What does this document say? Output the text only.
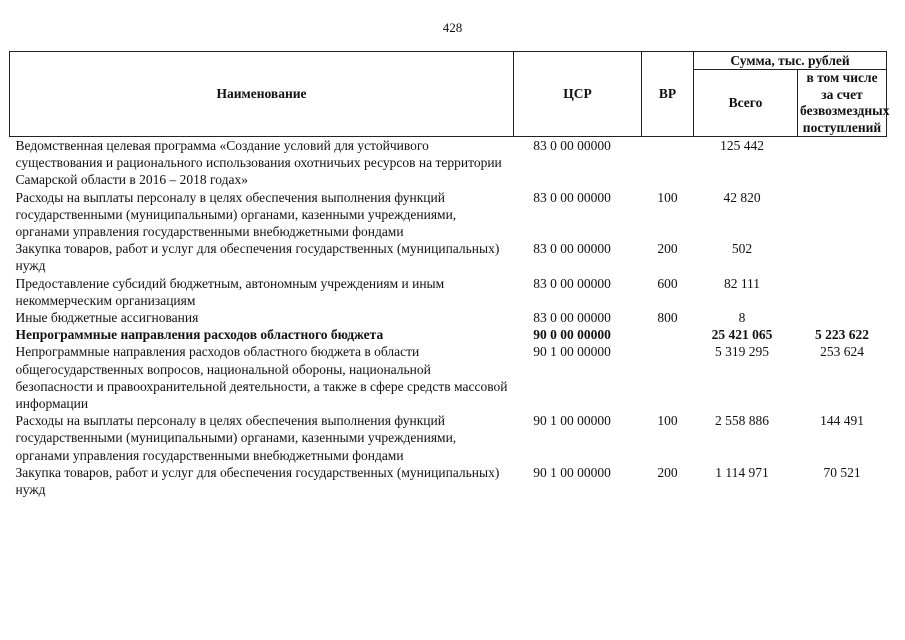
428
Наименование	ЦСР	ВР	Сумма, тыс. рублей	
			Всего	в том числе за счет безвозмездных поступлений
Ведомственная целевая программа «Создание условий для устойчивого существования и рационального использования охотничьих ресурсов на территории Самарской области в 2016 – 2018 годах»	83 0 00 00000		125 442	
Расходы на выплаты персоналу в целях обеспечения выполнения функций государственными (муниципальными) органами, казенными учреждениями, органами управления государственными внебюджетными фондами	83 0 00 00000	100	42 820	
Закупка товаров, работ и услуг для обеспечения государственных (муниципальных) нужд	83 0 00 00000	200	502	
Предоставление субсидий бюджетным, автономным учреждениям и иным некоммерческим организациям	83 0 00 00000	600	82 111	
Иные бюджетные ассигнования	83 0 00 00000	800	8	
Непрограммные направления расходов областного бюджета	90 0 00 00000		25 421 065	5 223 622
Непрограммные направления расходов областного бюджета в области общегосударственных вопросов, национальной обороны, национальной безопасности и правоохранительной деятельности, а также в сфере средств массовой информации	90 1 00 00000		5 319 295	253 624
Расходы на выплаты персоналу в целях обеспечения выполнения функций государственными (муниципальными) органами, казенными учреждениями, органами управления государственными внебюджетными фондами	90 1 00 00000	100	2 558 886	144 491
Закупка товаров, работ и услуг для обеспечения государственных (муниципальных) нужд	90 1 00 00000	200	1 114 971	70 521
